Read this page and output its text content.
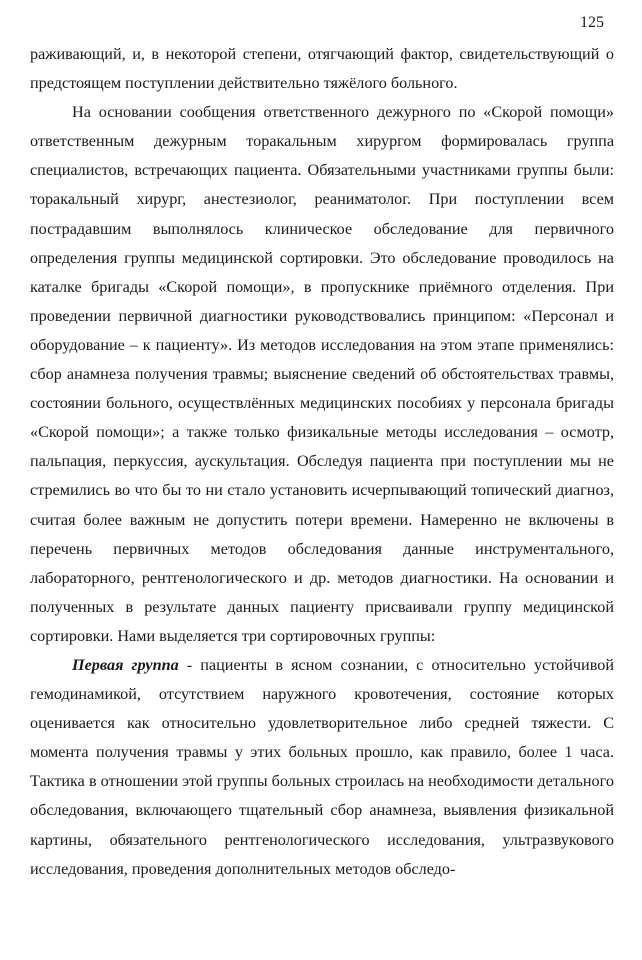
125

раживающий, и, в некоторой степени, отягчающий фактор, свидетельствующий о предстоящем поступлении действительно тяжёлого больного.

На основании сообщения ответственного дежурного по «Скорой помощи» ответственным дежурным торакальным хирургом формировалась группа специалистов, встречающих пациента. Обязательными участниками группы были: торакальный хирург, анестезиолог, реаниматолог. При поступлении всем пострадавшим выполнялось клиническое обследование для первичного определения группы медицинской сортировки. Это обследование проводилось на каталке бригады «Скорой помощи», в пропускнике приёмного отделения. При проведении первичной диагностики руководствовались принципом: «Персонал и оборудование – к пациенту». Из методов исследования на этом этапе применялись: сбор анамнеза получения травмы; выяснение сведений об обстоятельствах травмы, состоянии больного, осуществлённых медицинских пособиях у персонала бригады «Скорой помощи»; а также только физикальные методы исследования – осмотр, пальпация, перкуссия, аускультация. Обследуя пациента при поступлении мы не стремились во что бы то ни стало установить исчерпывающий топический диагноз, считая более важным не допустить потери времени. Намеренно не включены в перечень первичных методов обследования данные инструментального, лабораторного, рентгенологического и др. методов диагностики. На основании и полученных в результате данных пациенту присваивали группу медицинской сортировки. Нами выделяется три сортировочных группы:

Первая группа - пациенты в ясном сознании, с относительно устойчивой гемодинамикой, отсутствием наружного кровотечения, состояние которых оценивается как относительно удовлетворительное либо средней тяжести. С момента получения травмы у этих больных прошло, как правило, более 1 часа. Тактика в отношении этой группы больных строилась на необходимости детального обследования, включающего тщательный сбор анамнеза, выявления физикальной картины, обязательного рентгенологического исследования, ультразвукового исследования, проведения дополнительных методов обследо-
